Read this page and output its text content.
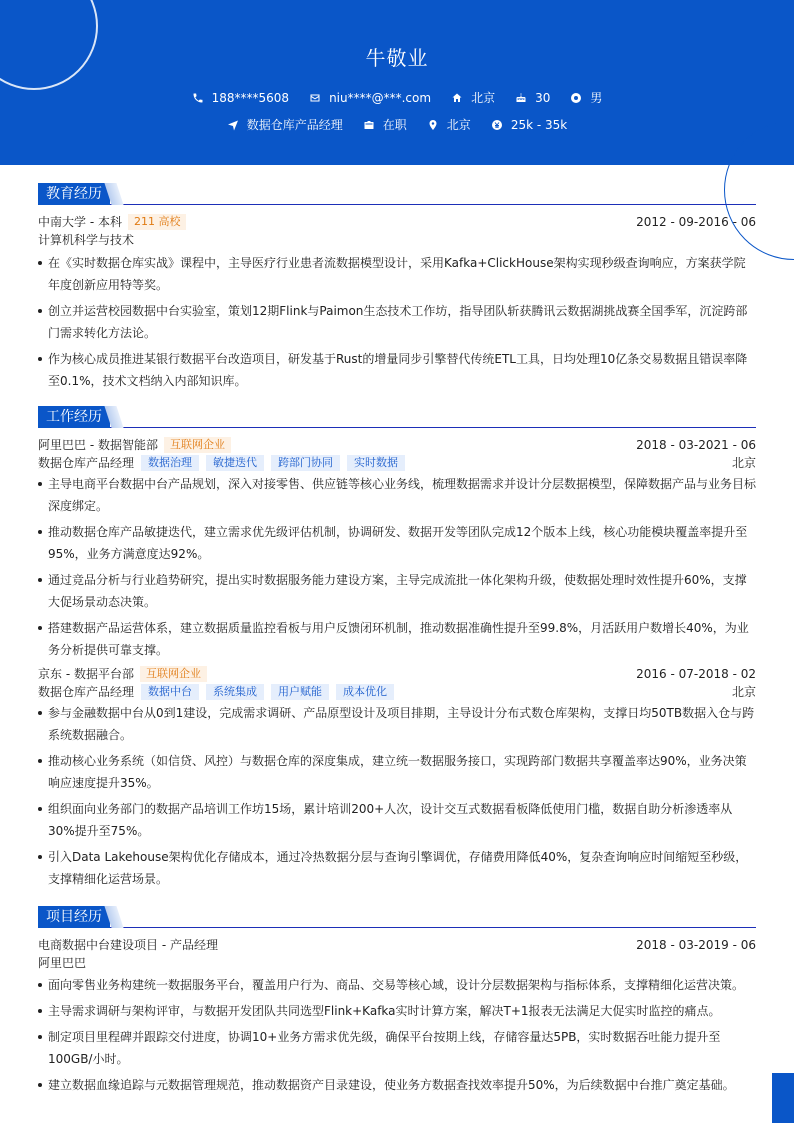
牛敬业
188****5608	niu****@***.com	北京	30	男
数据仓库产品经理	在职	北京	25k - 35k
教育经历
中南大学 - 本科	211 高校	2012 - 09-2016 - 06
计算机科学与技术
在《实时数据仓库实战》课程中，主导医疗行业患者流数据模型设计，采用Kafka+ClickHouse架构实现秒级查询响应，方案获学院年度创新应用特等奖。
创立并运营校园数据中台实验室，策划12期Flink与Paimon生态技术工作坊，指导团队斩获腾讯云数据湖挑战赛全国季军，沉淀跨部门需求转化方法论。
作为核心成员推进某银行数据平台改造项目，研发基于Rust的增量同步引擎替代传统ETL工具，日均处理10亿条交易数据且错误率降至0.1%，技术文档纳入内部知识库。
工作经历
阿里巴巴 - 数据智能部	互联网企业	2018 - 03-2021 - 06
数据仓库产品经理	数据治理	敏捷迭代	跨部门协同	实时数据	北京
主导电商平台数据中台产品规划，深入对接零售、供应链等核心业务线，梳理数据需求并设计分层数据模型，保障数据产品与业务目标深度绑定。
推动数据仓库产品敏捷迭代，建立需求优先级评估机制，协调研发、数据开发等团队完成12个版本上线，核心功能模块覆盖率提升至95%，业务方满意度达92%。
通过竞品分析与行业趋势研究，提出实时数据服务能力建设方案，主导完成流批一体化架构升级，使数据处理时效性提升60%，支撑大促场景动态决策。
搭建数据产品运营体系，建立数据质量监控看板与用户反馈闭环机制，推动数据准确性提升至99.8%，月活跃用户数增长40%，为业务分析提供可靠支撑。
京东 - 数据平台部	互联网企业	2016 - 07-2018 - 02
数据仓库产品经理	数据中台	系统集成	用户赋能	成本优化	北京
参与金融数据中台从0到1建设，完成需求调研、产品原型设计及项目排期，主导设计分布式数仓库架构，支撑日均50TB数据入仓与跨系统数据融合。
推动核心业务系统（如信贷、风控）与数据仓库的深度集成，建立统一数据服务接口，实现跨部门数据共享覆盖率达90%，业务决策响应速度提升35%。
组织面向业务部门的数据产品培训工作坊15场，累计培训200+人次，设计交互式数据看板降低使用门槛，数据自助分析渗透率从30%提升至75%。
引入Data Lakehouse架构优化存储成本，通过冷热数据分层与查询引擎调优，存储费用降低40%，复杂查询响应时间缩短至秒级，支撑精细化运营场景。
项目经历
电商数据中台建设项目 - 产品经理	2018 - 03-2019 - 06
阿里巴巴
面向零售业务构建统一数据服务平台，覆盖用户行为、商品、交易等核心域，设计分层数据架构与指标体系，支撑精细化运营决策。
主导需求调研与架构评审，与数据开发团队共同选型Flink+Kafka实时计算方案，解决T+1报表无法满足大促实时监控的痛点。
制定项目里程碑并跟踪交付进度，协调10+业务方需求优先级，确保平台按期上线，存储容量达5PB，实时数据吞吐能力提升至100GB/小时。
建立数据血缘追踪与元数据管理规范，推动数据资产目录建设，使业务方数据查找效率提升50%，为后续数据中台推广奠定基础。
